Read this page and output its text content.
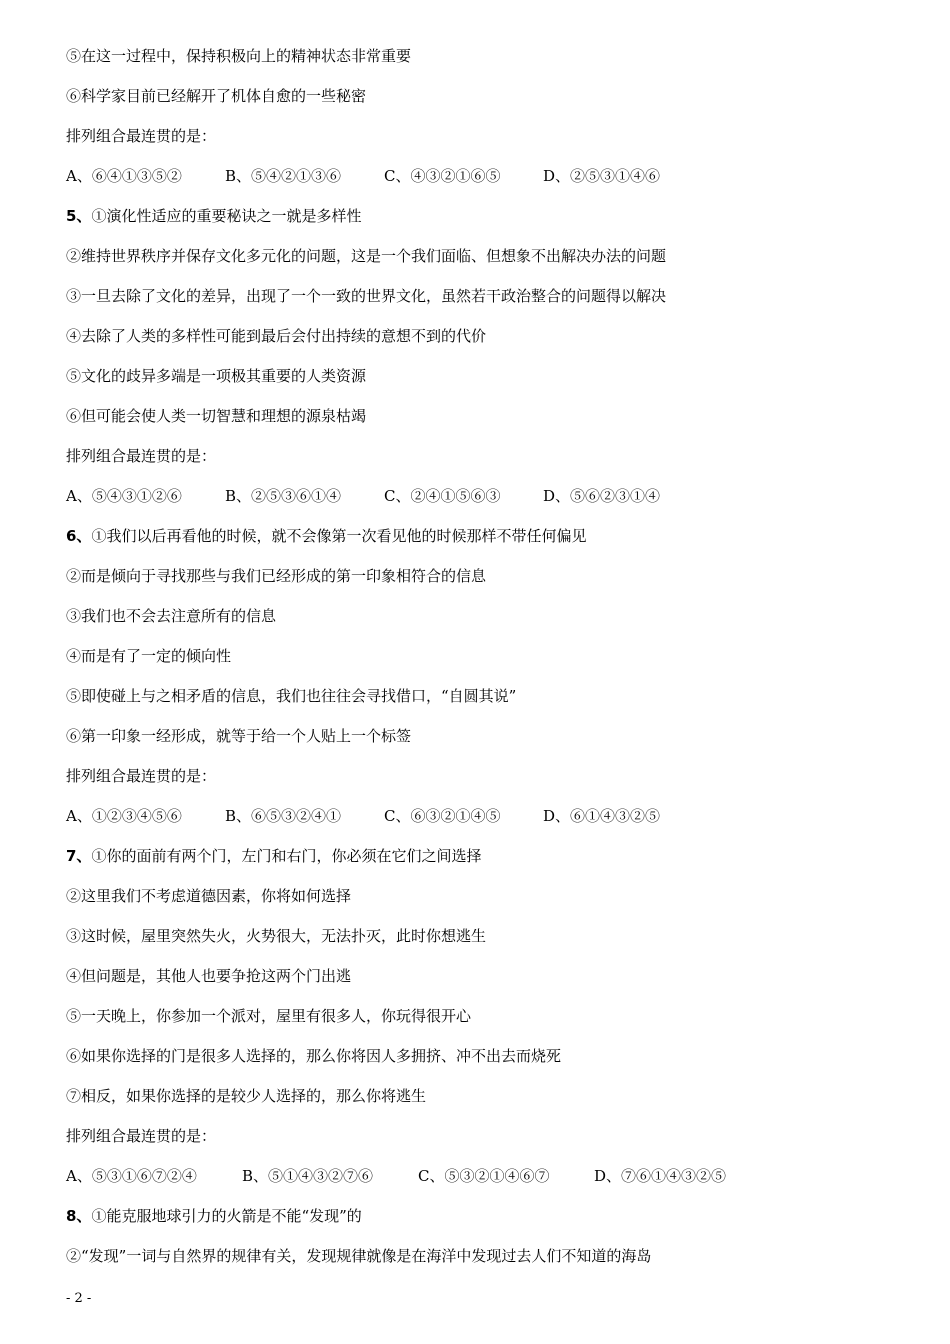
⑤在这一过程中，保持积极向上的精神状态非常重要
⑥科学家目前已经解开了机体自愈的一些秘密
排列组合最连贯的是：
A、⑥④①③⑤②	B、⑤④②①③⑥	C、④③②①⑥⑤	D、②⑤③①④⑥
5、①演化性适应的重要秘诀之一就是多样性
②维持世界秩序并保存文化多元化的问题，这是一个我们面临、但想象不出解决办法的问题
③一旦去除了文化的差异，出现了一个一致的世界文化，虽然若干政治整合的问题得以解决
④去除了人类的多样性可能到最后会付出持续的意想不到的代价
⑤文化的歧异多端是一项极其重要的人类资源
⑥但可能会使人类一切智慧和理想的源泉枯竭
排列组合最连贯的是：
A、⑤④③①②⑥	B、②⑤③⑥①④	C、②④①⑤⑥③	D、⑤⑥②③①④
6、①我们以后再看他的时候，就不会像第一次看见他的时候那样不带任何偏见
②而是倾向于寻找那些与我们已经形成的第一印象相符合的信息
③我们也不会去注意所有的信息
④而是有了一定的倾向性
⑤即使碰上与之相矛盾的信息，我们也往往会寻找借口，“自圆其说”
⑥第一印象一经形成，就等于给一个人贴上一个标签
排列组合最连贯的是：
A、①②③④⑤⑥	B、⑥⑤③②④①	C、⑥③②①④⑤	D、⑥①④③②⑤
7、①你的面前有两个门，左门和右门，你必须在它们之间选择
②这里我们不考虑道德因素，你将如何选择
③这时候，屋里突然失火，火势很大，无法扑灭，此时你想逃生
④但问题是，其他人也要争抢这两个门出逃
⑤一天晚上，你参加一个派对，屋里有很多人，你玩得很开心
⑥如果你选择的门是很多人选择的，那么你将因人多拥挤、冲不出去而烧死
⑦相反，如果你选择的是较少人选择的，那么你将逃生
排列组合最连贯的是：
A、⑤③①⑥⑦②④	B、⑤①④③②⑦⑥	C、⑤③②①④⑥⑦	D、⑦⑥①④③②⑤
8、①能克服地球引力的火箭是不能“发现”的
②“发现”一词与自然界的规律有关，发现规律就像是在海洋中发现过去人们不知道的海岛
- 2 -
